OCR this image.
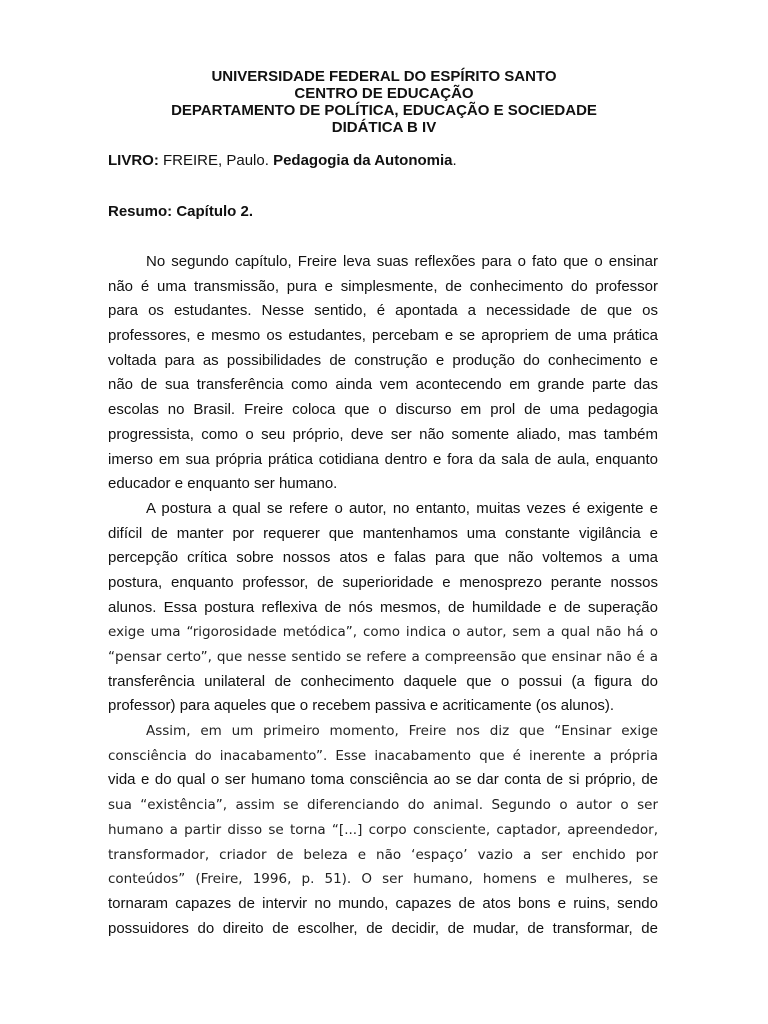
UNIVERSIDADE FEDERAL DO ESPÍRITO SANTO
CENTRO DE EDUCAÇÃO
DEPARTAMENTO DE POLÍTICA, EDUCAÇÃO E SOCIEDADE
DIDÁTICA B IV
LIVRO: FREIRE, Paulo. Pedagogia da Autonomia.
Resumo: Capítulo 2.
No segundo capítulo, Freire leva suas reflexões para o fato que o ensinar
não é uma transmissão, pura e simplesmente, de conhecimento do professor
para os estudantes. Nesse sentido, é apontada a necessidade de que os
professores, e mesmo os estudantes, percebam e se apropriem de uma prática
voltada para as possibilidades de construção e produção do conhecimento e
não de sua transferência como ainda vem acontecendo em grande parte das
escolas no Brasil. Freire coloca que o discurso em prol de uma pedagogia
progressista, como o seu próprio, deve ser não somente aliado, mas também
imerso em sua própria prática cotidiana dentro e fora da sala de aula, enquanto
educador e enquanto ser humano.
A postura a qual se refere o autor, no entanto, muitas vezes é exigente e
difícil de manter por requerer que mantenhamos uma constante vigilância e
percepção crítica sobre nossos atos e falas para que não voltemos a uma
postura, enquanto professor, de superioridade e menosprezo perante nossos
alunos. Essa postura reflexiva de nós mesmos, de humildade e de superação
exige uma “rigorosidade metódica”, como indica o autor, sem a qual não há o
“pensar certo”, que nesse sentido se refere a compreensão que ensinar não é a
transferência unilateral de conhecimento daquele que o possui (a figura do
professor) para aqueles que o recebem passiva e acriticamente (os alunos).
Assim, em um primeiro momento, Freire nos diz que “Ensinar exige
consciência do inacabamento”. Esse inacabamento que é inerente a própria
vida e do qual o ser humano toma consciência ao se dar conta de si próprio, de
sua “existência”, assim se diferenciando do animal. Segundo o autor o ser
humano a partir disso se torna “[...] corpo consciente, captador, apreendedor,
transformador, criador de beleza e não ‘espaço’ vazio a ser enchido por
conteúdos” (Freire, 1996, p. 51). O ser humano, homens e mulheres, se
tornaram capazes de intervir no mundo, capazes de atos bons e ruins, sendo
possuidores do direito de escolher, de decidir, de mudar, de transformar, de
